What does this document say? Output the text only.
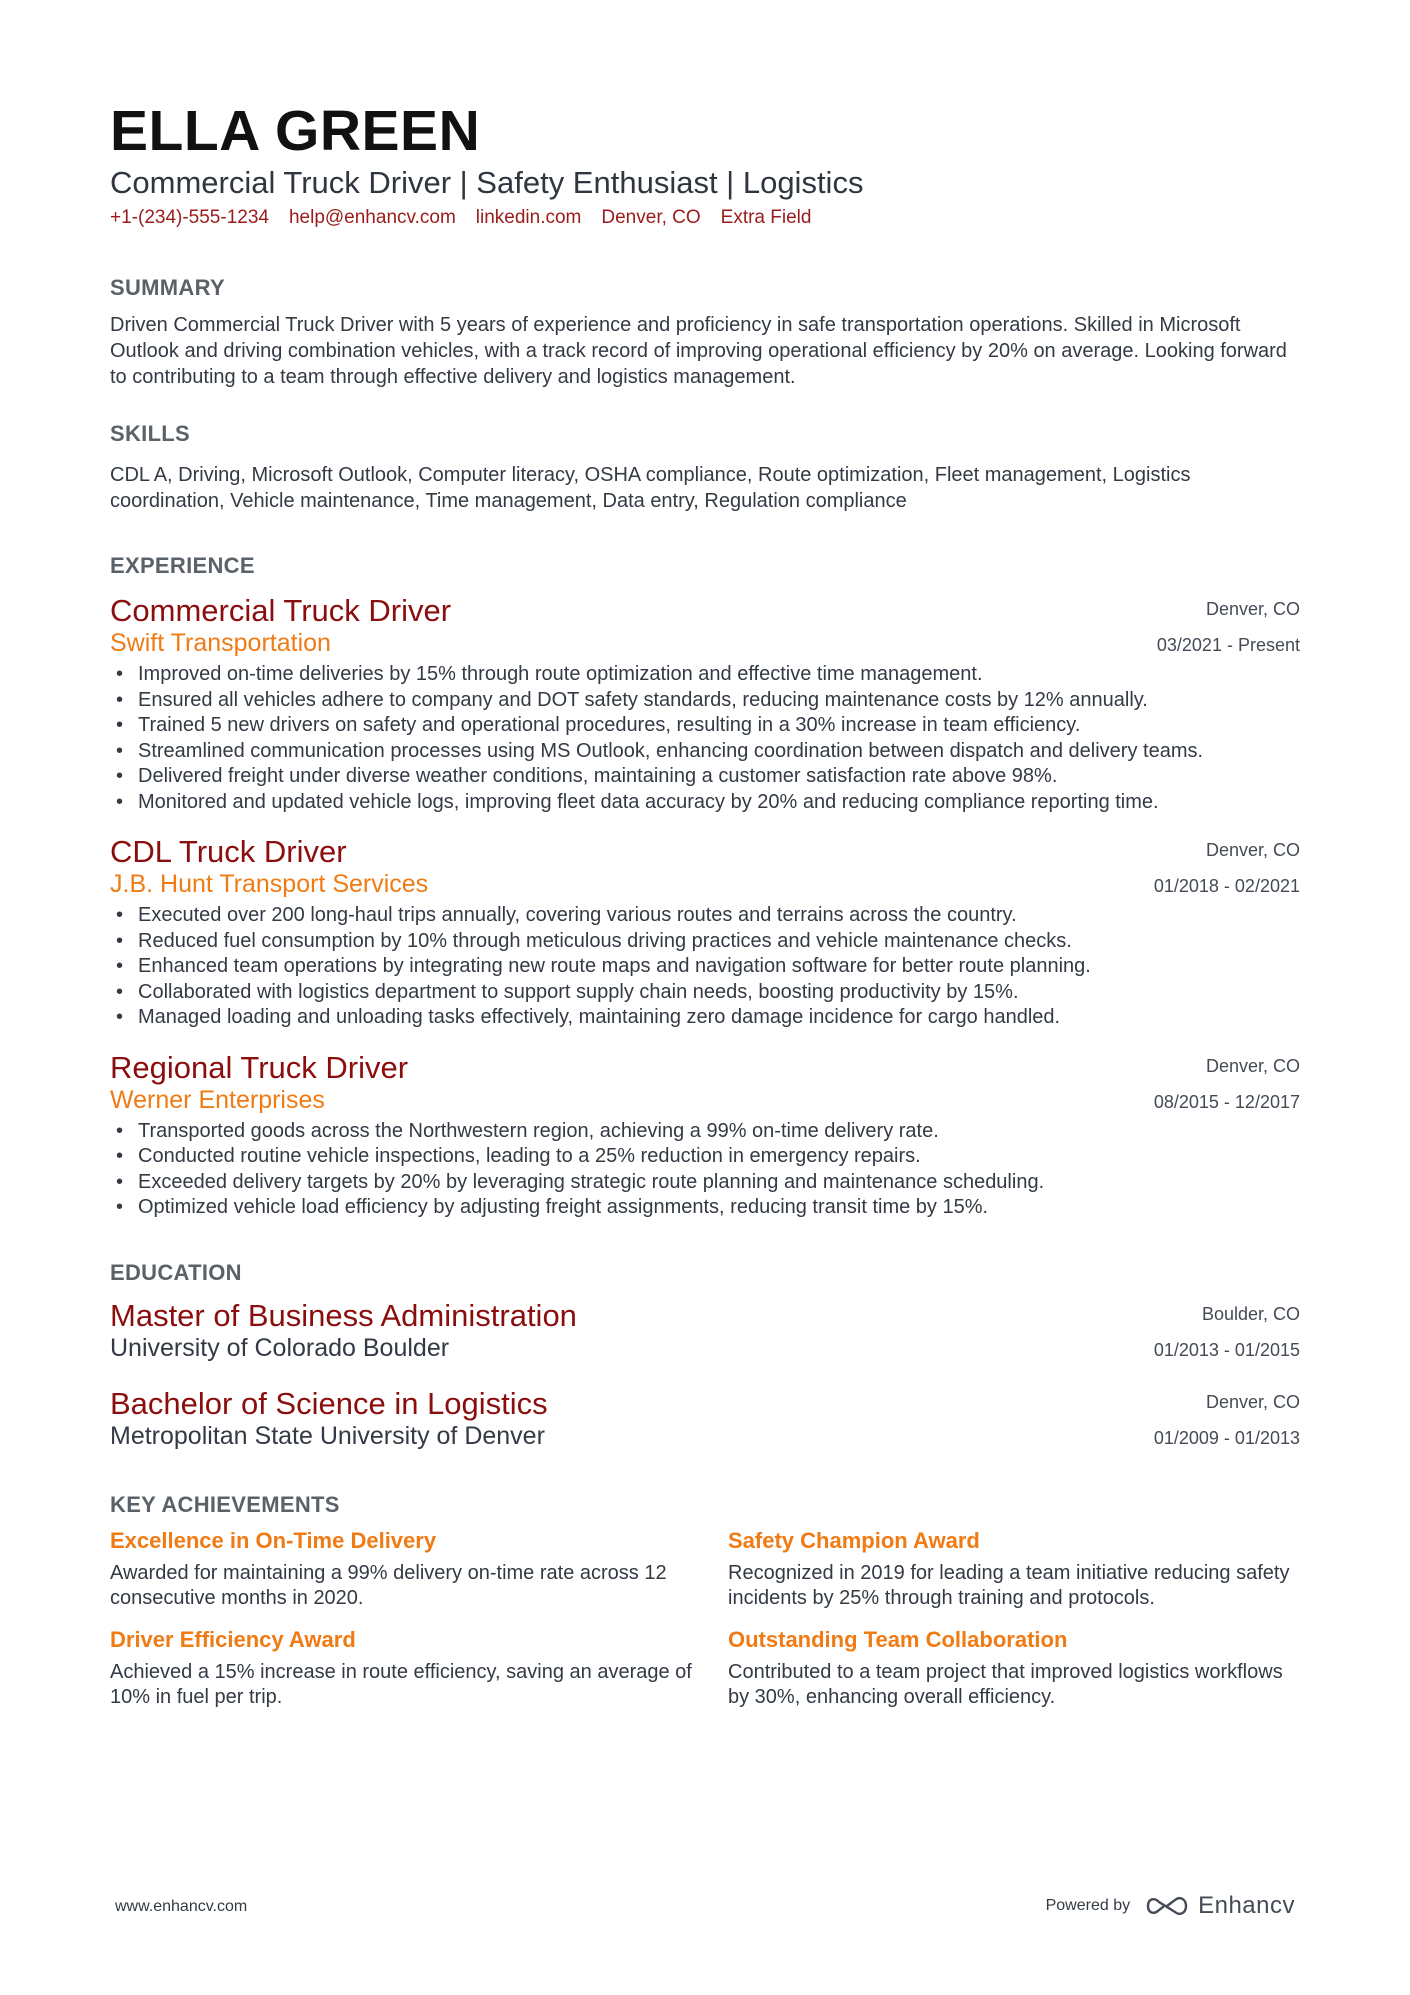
ELLA GREEN
Commercial Truck Driver | Safety Enthusiast | Logistics
+1-(234)-555-1234 help@enhancv.com linkedin.com Denver, CO Extra Field
SUMMARY
Driven Commercial Truck Driver with 5 years of experience and proficiency in safe transportation operations. Skilled in Microsoft Outlook and driving combination vehicles, with a track record of improving operational efficiency by 20% on average. Looking forward to contributing to a team through effective delivery and logistics management.
SKILLS
CDL A, Driving, Microsoft Outlook, Computer literacy, OSHA compliance, Route optimization, Fleet management, Logistics coordination, Vehicle maintenance, Time management, Data entry, Regulation compliance
EXPERIENCE
Commercial Truck Driver
Swift Transportation
Denver, CO
03/2021 - Present
• Improved on-time deliveries by 15% through route optimization and effective time management.
• Ensured all vehicles adhere to company and DOT safety standards, reducing maintenance costs by 12% annually.
• Trained 5 new drivers on safety and operational procedures, resulting in a 30% increase in team efficiency.
• Streamlined communication processes using MS Outlook, enhancing coordination between dispatch and delivery teams.
• Delivered freight under diverse weather conditions, maintaining a customer satisfaction rate above 98%.
• Monitored and updated vehicle logs, improving fleet data accuracy by 20% and reducing compliance reporting time.
CDL Truck Driver
J.B. Hunt Transport Services
Denver, CO
01/2018 - 02/2021
• Executed over 200 long-haul trips annually, covering various routes and terrains across the country.
• Reduced fuel consumption by 10% through meticulous driving practices and vehicle maintenance checks.
• Enhanced team operations by integrating new route maps and navigation software for better route planning.
• Collaborated with logistics department to support supply chain needs, boosting productivity by 15%.
• Managed loading and unloading tasks effectively, maintaining zero damage incidence for cargo handled.
Regional Truck Driver
Werner Enterprises
Denver, CO
08/2015 - 12/2017
• Transported goods across the Northwestern region, achieving a 99% on-time delivery rate.
• Conducted routine vehicle inspections, leading to a 25% reduction in emergency repairs.
• Exceeded delivery targets by 20% by leveraging strategic route planning and maintenance scheduling.
• Optimized vehicle load efficiency by adjusting freight assignments, reducing transit time by 15%.
EDUCATION
Master of Business Administration
University of Colorado Boulder
Boulder, CO
01/2013 - 01/2015
Bachelor of Science in Logistics
Metropolitan State University of Denver
Denver, CO
01/2009 - 01/2013
KEY ACHIEVEMENTS
Excellence in On-Time Delivery
Awarded for maintaining a 99% delivery on-time rate across 12 consecutive months in 2020.
Safety Champion Award
Recognized in 2019 for leading a team initiative reducing safety incidents by 25% through training and protocols.
Driver Efficiency Award
Achieved a 15% increase in route efficiency, saving an average of 10% in fuel per trip.
Outstanding Team Collaboration
Contributed to a team project that improved logistics workflows by 30%, enhancing overall efficiency.
www.enhancv.com	Powered by	Enhancv
